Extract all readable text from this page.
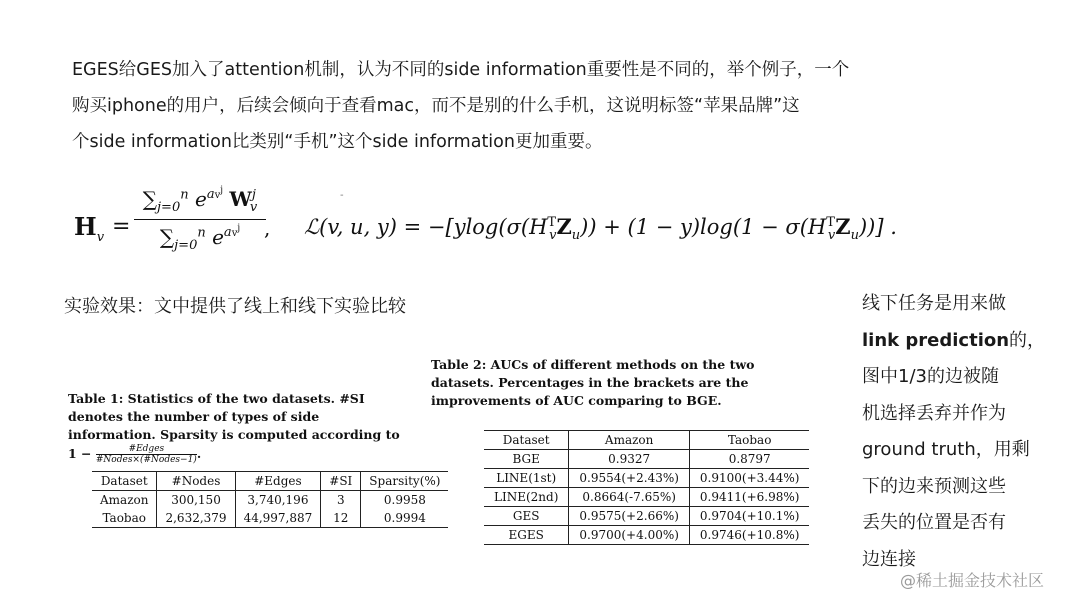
EGES给GES加入了attention机制，认为不同的side information重要性是不同的，举个例子，一个
购买iphone的用户，后续会倾向于查看mac，而不是别的什么手机，这说明标签“苹果品牌”这
个side information比类别“手机”这个side information更加重要。
-
$H_v$ =
$\sum_{j=0}^n$ $e^{av^j}$ $W^j_v$
$\sum_{j=0}^n$ $e^{av^j}$	, ℒ(v, u, $y) = -[ylog(\sigma(H^T_vZ_u)) + (1 - y)\log(1 - \sigma(H^T_vZ_u))]$ .
实验效果：文中提供了线上和线下实验比较	线下任务是用来做
link prediction的，
图中1/3的边被随
机选择丢弃并作为
ground truth，用剩
下的边来预测这些
丢失的位置是否有
边连接
Table 1: Statistics of the two datasets. #SI denotes the number of types of side information. Sparsity is computed according to 1 −	#Edges
#Nodes×(#Nodes−1) .
Dataset	#Nodes	#Edges	#SI	Sparsity(%)
Amazon	300,150	3,740,196	3	0.9958
Taobao	2,632,379	44,997,887	12	0.9994
Table 2: AUCs of different methods on the two datasets. Percentages in the brackets are the improvements of AUC comparing to BGE.
Dataset	Amazon	Taobao
BGE	0.9327	0.8797
LINE(1st)	0.9554(+2.43%)	0.9100(+3.44%)
LINE(2nd)	0.8664(-7.65%)	0.9411(+6.98%)
GES	0.9575(+2.66%)	0.9704(+10.1%)
EGES	0.9700(+4.00%)	0.9746(+10.8%)
@稀土掘金技术社区
